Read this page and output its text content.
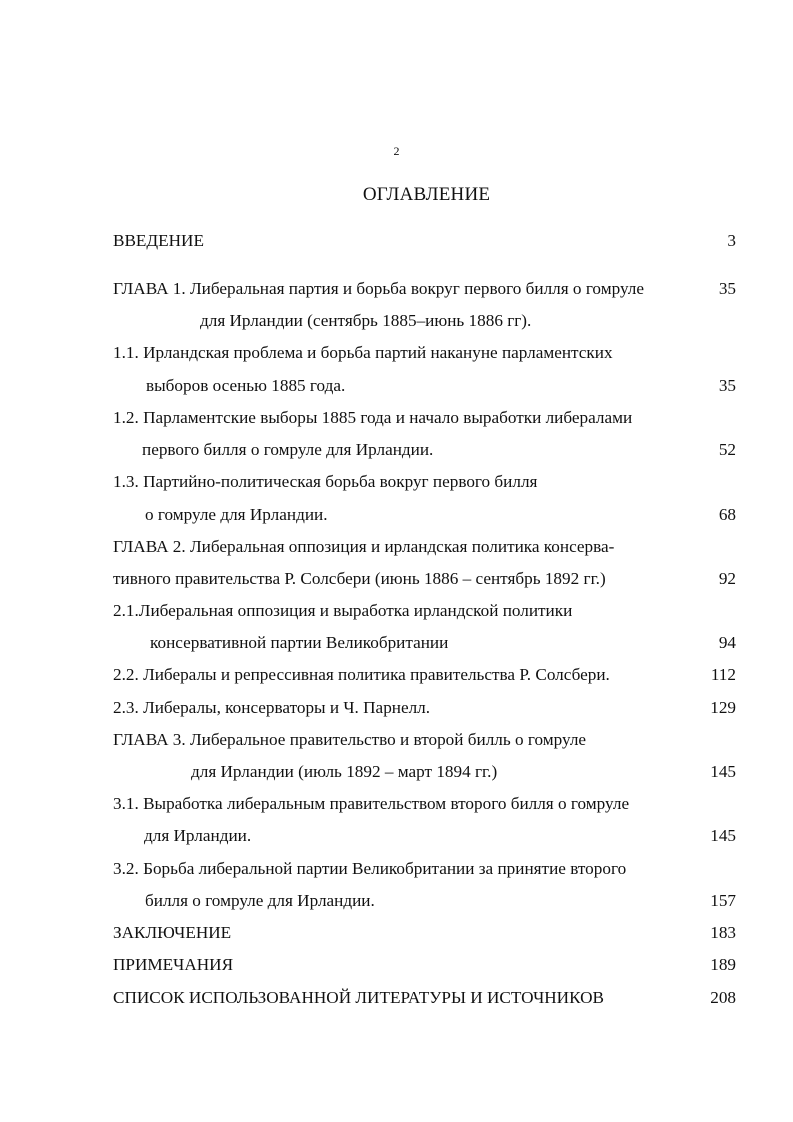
2
ОГЛАВЛЕНИЕ
ВВЕДЕНИЕ	3
ГЛАВА 1. Либеральная партия и борьба вокруг первого билля о гомруле	35
для Ирландии (сентябрь 1885–июнь 1886 гг).
1.1. Ирландская проблема и борьба партий накануне парламентских
выборов осенью 1885 года.	35
1.2. Парламентские выборы 1885 года и начало выработки либералами
первого билля о гомруле для Ирландии.	52
1.3. Партийно-политическая борьба вокруг первого билля
о гомруле для Ирландии.	68
ГЛАВА 2. Либеральная оппозиция и ирландская политика консерва-
тивного правительства Р. Солсбери (июнь 1886 – сентябрь 1892 гг.)	92
2.1.Либеральная оппозиция и выработка ирландской политики
консервативной партии Великобритании	94
2.2. Либералы и репрессивная политика правительства Р. Солсбери.	112
2.3. Либералы, консерваторы и Ч. Парнелл.	129
ГЛАВА 3. Либеральное правительство и второй билль о гомруле
для Ирландии (июль 1892 – март 1894 гг.)	145
3.1. Выработка либеральным правительством второго билля о гомруле
для Ирландии.	145
3.2. Борьба либеральной партии Великобритании за принятие второго
билля о гомруле для Ирландии.	157
ЗАКЛЮЧЕНИЕ	183
ПРИМЕЧАНИЯ	189
СПИСОК ИСПОЛЬЗОВАННОЙ ЛИТЕРАТУРЫ И ИСТОЧНИКОВ	208
